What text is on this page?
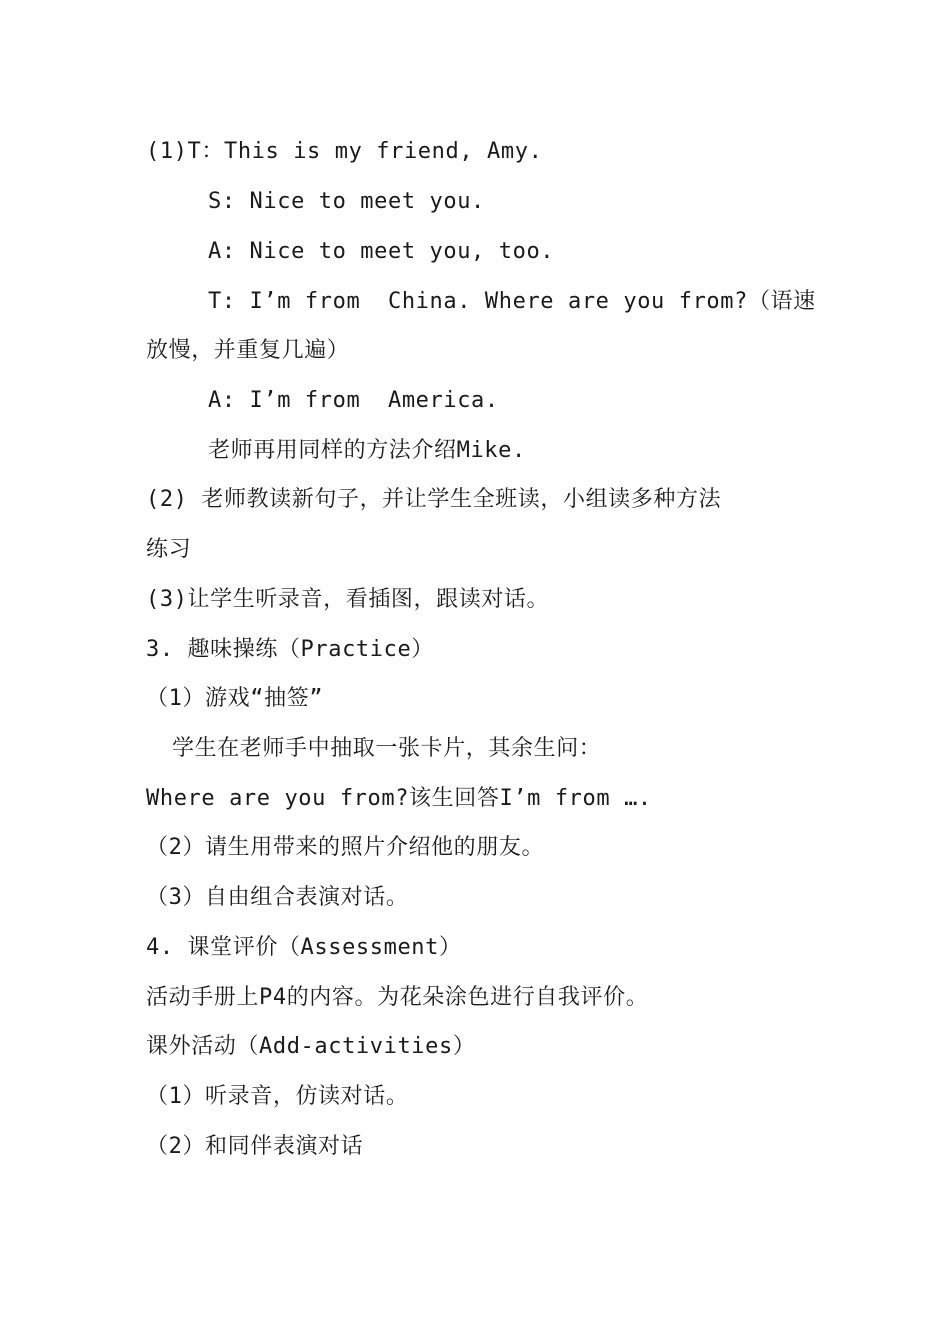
(1)T：This is my friend, Amy.
S: Nice to meet you.
A: Nice to meet you, too.
T: I’m from  China. Where are you from?（语速
放慢，并重复几遍）
A: I’m from  America.
老师再用同样的方法介绍Mike.
(2) 老师教读新句子，并让学生全班读，小组读多种方法
练习
(3)让学生听录音，看插图，跟读对话。
3. 趣味操练（Practice）
（1）游戏“抽签”
学生在老师手中抽取一张卡片，其余生问：
Where are you from?该生回答I’m from ….
（2）请生用带来的照片介绍他的朋友。
（3）自由组合表演对话。
4. 课堂评价（Assessment）
活动手册上P4的内容。为花朵涂色进行自我评价。
课外活动（Add-activities）
（1）听录音，仿读对话。
（2）和同伴表演对话
